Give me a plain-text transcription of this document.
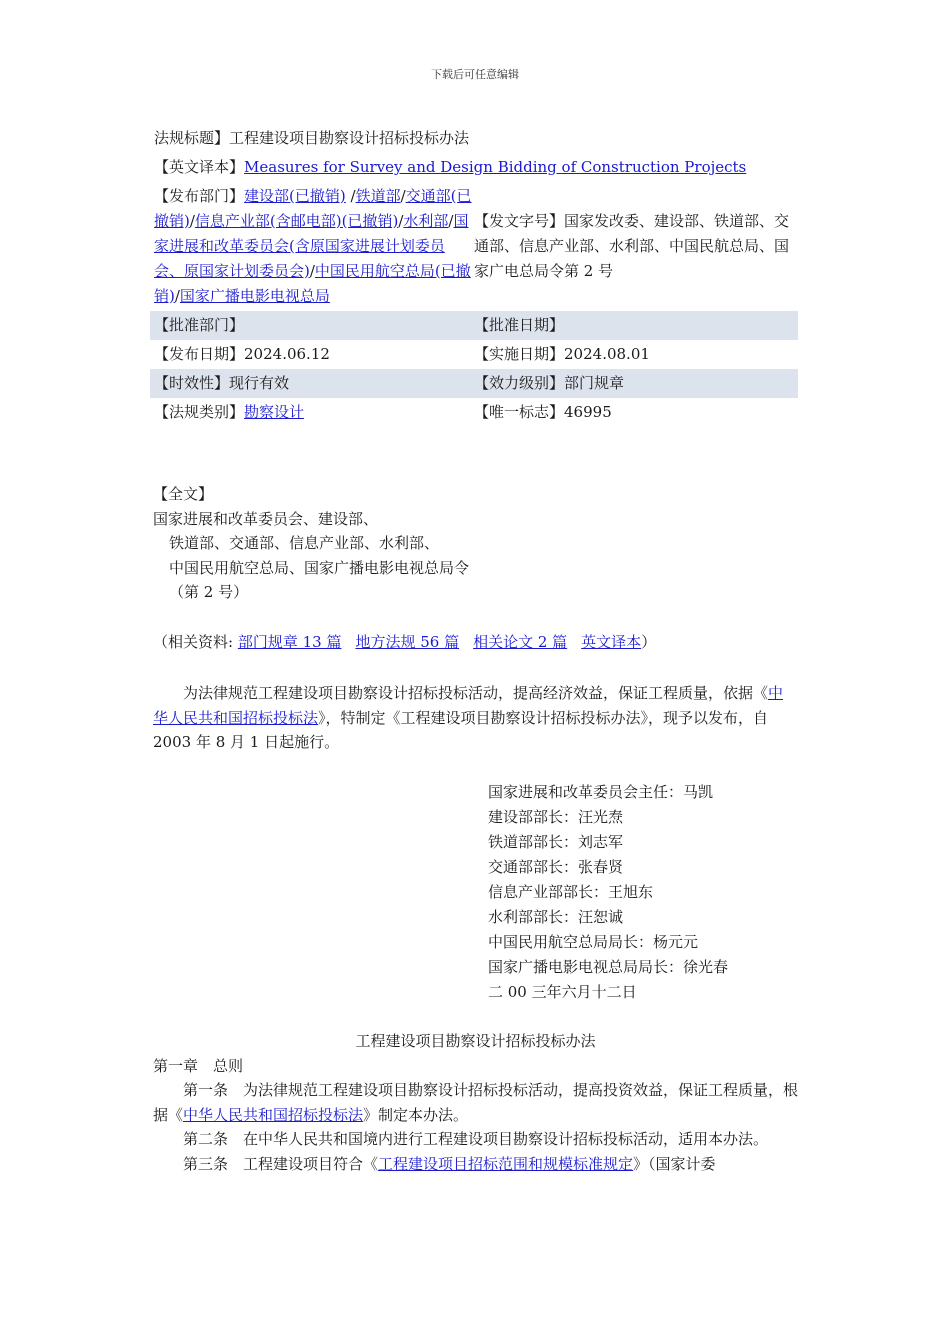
下载后可任意编辑
法规标题】工程建设项目勘察设计招标投标办法
【英文译本】Measures for Survey and Design Bidding of Construction Projects
【发布部门】建设部(已撤销) /铁道部/交通部(已撤销)/信息产业部(含邮电部)(已撤销)/水利部/国家进展和改革委员会(含原国家进展计划委员会、原国家计划委员会)/中国民用航空总局(已撤销)/国家广播电影电视总局
【发文字号】国家发改委、建设部、铁道部、交通部、信息产业部、水利部、中国民航总局、国家广电总局令第 2 号
【批准部门】	【批准日期】
【发布日期】2024.06.12	【实施日期】2024.08.01
【时效性】现行有效	【效力级别】部门规章
【法规类别】勘察设计	【唯一标志】46995
【全文】
国家进展和改革委员会、建设部、
铁道部、交通部、信息产业部、水利部、
中国民用航空总局、国家广播电影电视总局令
（第 2 号）
（相关资料: 部门规章 13 篇 地方法规 56 篇 相关论文 2 篇 英文译本）
为法律规范工程建设项目勘察设计招标投标活动，提高经济效益，保证工程质量，依据《中华人民共和国招标投标法》，特制定《工程建设项目勘察设计招标投标办法》，现予以发布，自 2003 年 8 月 1 日起施行。
国家进展和改革委员会主任：马凯
建设部部长：汪光焘
铁道部部长：刘志军
交通部部长：张春贤
信息产业部部长：王旭东
水利部部长：汪恕诚
中国民用航空总局局长：杨元元
国家广播电影电视总局局长：徐光春
二 00 三年六月十二日
工程建设项目勘察设计招标投标办法
第一章　总则
第一条　为法律规范工程建设项目勘察设计招标投标活动，提高投资效益，保证工程质量，根据《中华人民共和国招标投标法》制定本办法。
第二条　在中华人民共和国境内进行工程建设项目勘察设计招标投标活动，适用本办法。
第三条　工程建设项目符合《工程建设项目招标范围和规模标准规定》（国家计委
